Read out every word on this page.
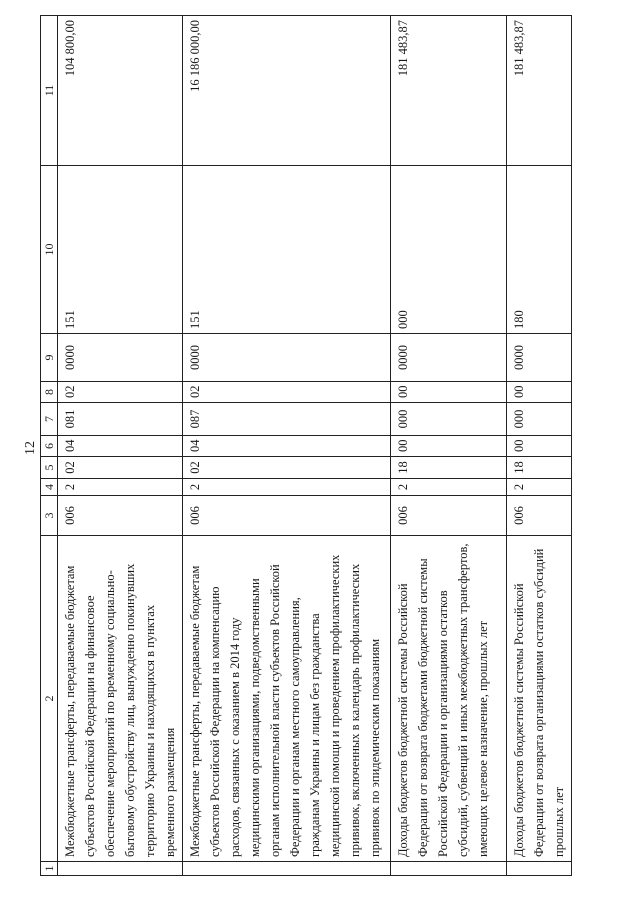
12
1	2	3	4	5	6	7	8	9	10	11
	Межбюджетные трансферты, передаваемые бюджетам субъектов Российской Федерации на финансовое обеспечение мероприятий по временному социально-бытовому обустройству лиц, вынужденно покинувших территорию Украины и находящихся в пунктах временного размещения	006	2	02	04	081	02	0000	151	104 800,00
	Межбюджетные трансферты, передаваемые бюджетам субъектов Российской Федерации на компенсацию расходов, связанных с оказанием в 2014 году медицинскими организациями, подведомственными органам исполнительной власти субъектов Российской Федерации и органам местного самоуправления, гражданам Украины и лицам без гражданства медицинской помощи и проведением профилактических прививок, включенных в календарь профилактических прививок по эпидемическим показаниям	006	2	02	04	087	02	0000	151	16 186 000,00
	Доходы бюджетов бюджетной системы Российской Федерации от возврата бюджетами бюджетной системы Российской Федерации и организациями остатков субсидий, субвенций и иных межбюджетных трансфертов, имеющих целевое назначение, прошлых лет	006	2	18	00	000	00	0000	000	181 483,87
	Доходы бюджетов бюджетной системы Российской Федерации от возврата организациями остатков субсидий прошлых лет	006	2	18	00	000	00	0000	180	181 483,87
